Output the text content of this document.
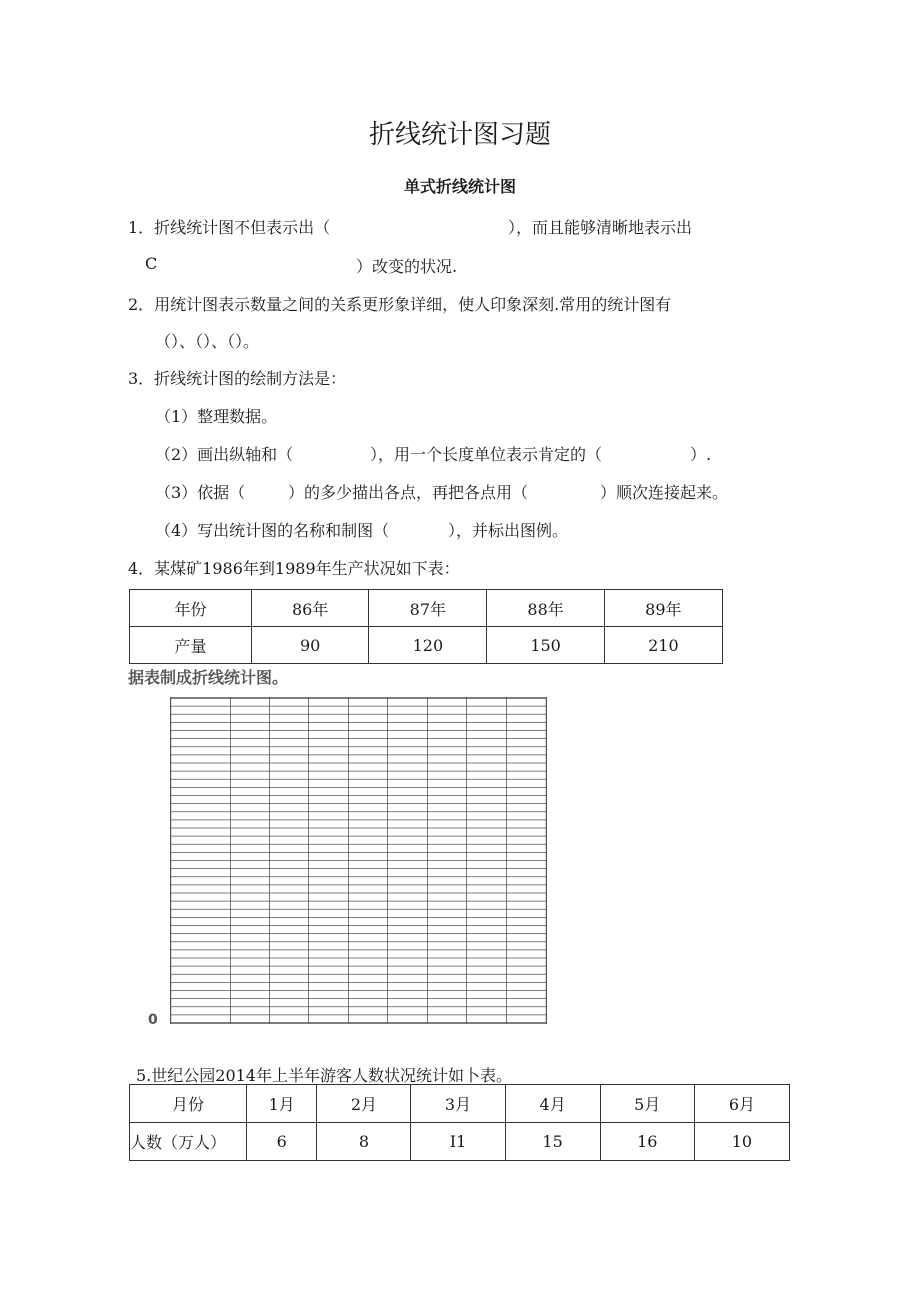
折线统计图习题
单式折线统计图
1．折线统计图不但表示出（	），而且能够清晰地表示出
C	）改变的状况.
2．用统计图表示数量之间的关系更形象详细，使人印象深刻.常用的统计图有
（）、（）、（）。
3．折线统计图的绘制方法是：
（1）整理数据。
（2）画出纵轴和（	），用一个长度单位表示肯定的（	）.
（3）依据（	）的多少描出各点，再把各点用（	）顺次连接起来。
（4）写出统计图的名称和制图（	），并标出图例。
4．某煤矿1986年到1989年生产状况如下表：
年份	86年	87年	88年	89年
产量	90	120	150	210
据表制成折线统计图。
0
5.世纪公园2014年上半年游客人数状况统计如卜表。
月份	1月	2月	3月	4月	5月	6月
人数（万人）	6	8	I1	15	16	10
